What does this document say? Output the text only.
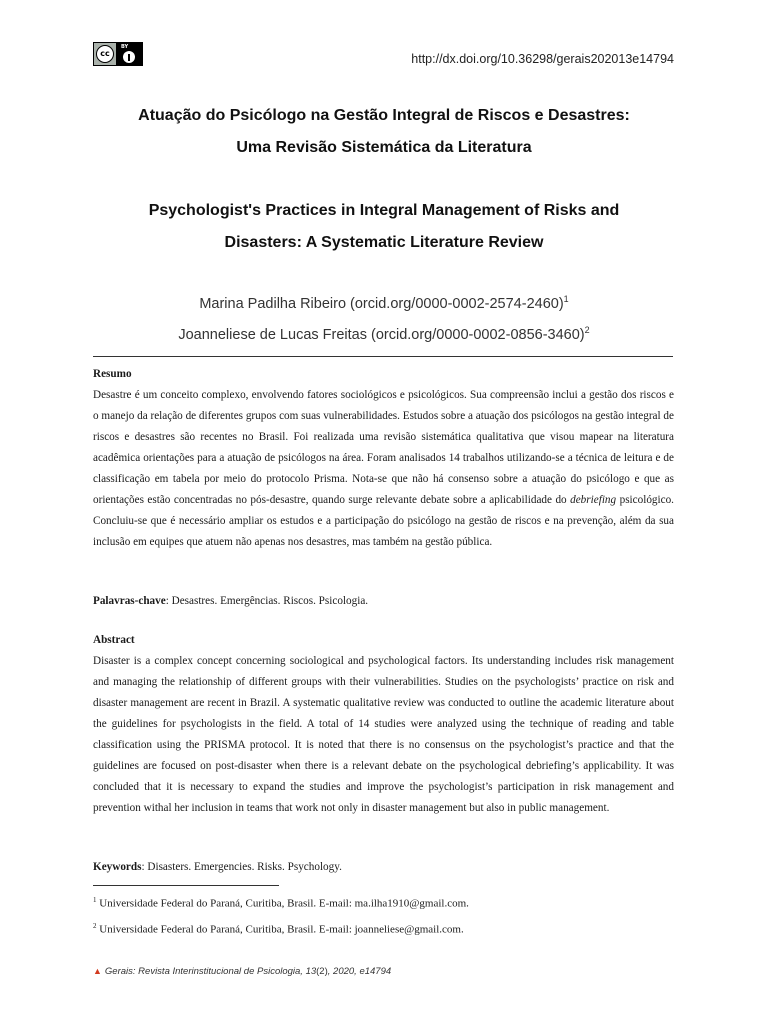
cc
BY
http://dx.doi.org/10.36298/gerais202013e14794
Atuação do Psicólogo na Gestão Integral de Riscos e Desastres:
Uma Revisão Sistemática da Literatura
Psychologist's Practices in Integral Management of Risks and
Disasters: A Systematic Literature Review
Marina Padilha Ribeiro (orcid.org/0000-0002-2574-2460)$^1$
Joanneliese de Lucas Freitas (orcid.org/0000-0002-0856-3460)$^2$
Resumo

Desastre é um conceito complexo, envolvendo fatores sociológicos e psicológicos. Sua compreensão inclui a gestão dos riscos e o manejo da relação de diferentes grupos com suas vulnerabilidades. Estudos sobre a atuação dos psicólogos na gestão integral de riscos e desastres são recentes no Brasil. Foi realizada uma revisão sistemática qualitativa que visou mapear na literatura acadêmica orientações para a atuação de psicólogos na área. Foram analisados 14 trabalhos utilizando-se a técnica de leitura e de classificação em tabela por meio do protocolo Prisma. Nota-se que não há consenso sobre a atuação do psicólogo e que as orientações estão concentradas no pós-desastre, quando surge relevante debate sobre a aplicabilidade do debriefing psicológico. Concluiu-se que é necessário ampliar os estudos e a participação do psicólogo na gestão de riscos e na prevenção, além da sua inclusão em equipes que atuem não apenas nos desastres, mas também na gestão pública.

Palavras-chave: Desastres. Emergências. Riscos. Psicologia.

Abstract

Disaster is a complex concept concerning sociological and psychological factors. Its understanding includes risk management and managing the relationship of different groups with their vulnerabilities. Studies on the psychologists’ practice on risk and disaster management are recent in Brazil. A systematic qualitative review was conducted to outline the academic literature about the guidelines for psychologists in the field. A total of 14 studies were analyzed using the technique of reading and table classification using the PRISMA protocol. It is noted that there is no consensus on the psychologist’s practice and that the guidelines are focused on post-disaster when there is a relevant debate on the psychological debriefing’s applicability. It was concluded that it is necessary to expand the studies and improve the psychologist’s participation in risk management and prevention withal her inclusion in teams that work not only in disaster management but also in public management.

Keywords: Disasters. Emergencies. Risks. Psychology.

$^1$ Universidade Federal do Paraná, Curitiba, Brasil. E-mail: ma.ilha1910@gmail.com.
$^2$ Universidade Federal do Paraná, Curitiba, Brasil. E-mail: joanneliese@gmail.com.
▲ Gerais: Revista Interinstitucional de Psicologia, 13(2), 2020, e14794
